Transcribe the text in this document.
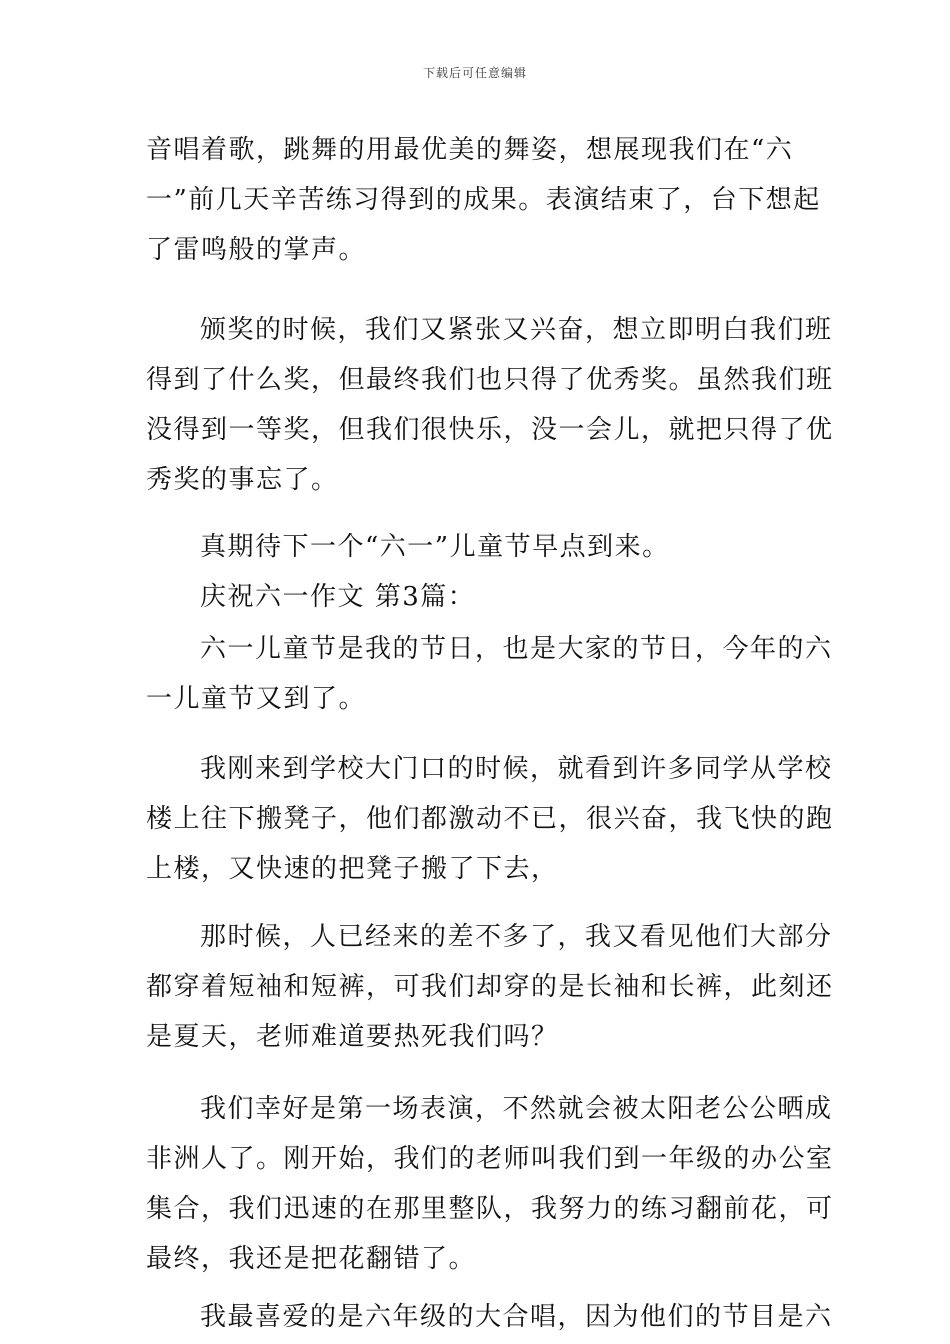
下载后可任意编辑
音唱着歌，跳舞的用最优美的舞姿，想展现我们在“六
一”前几天辛苦练习得到的成果。表演结束了，台下想起
了雷鸣般的掌声。
颁奖的时候，我们又紧张又兴奋，想立即明白我们班
得到了什么奖，但最终我们也只得了优秀奖。虽然我们班
没得到一等奖，但我们很快乐，没一会儿，就把只得了优
秀奖的事忘了。
真期待下一个“六一”儿童节早点到来。
庆祝六一作文 第3篇：
六一儿童节是我的节日，也是大家的节日，今年的六
一儿童节又到了。
我刚来到学校大门口的时候，就看到许多同学从学校
楼上往下搬凳子，他们都激动不已，很兴奋，我飞快的跑
上楼，又快速的把凳子搬了下去，
那时候，人已经来的差不多了，我又看见他们大部分
都穿着短袖和短裤，可我们却穿的是长袖和长裤，此刻还
是夏天，老师难道要热死我们吗？
我们幸好是第一场表演，不然就会被太阳老公公晒成
非洲人了。刚开始，我们的老师叫我们到一年级的办公室
集合，我们迅速的在那里整队，我努力的练习翻前花，可
最终，我还是把花翻错了。
我最喜爱的是六年级的大合唱，因为他们的节目是六
